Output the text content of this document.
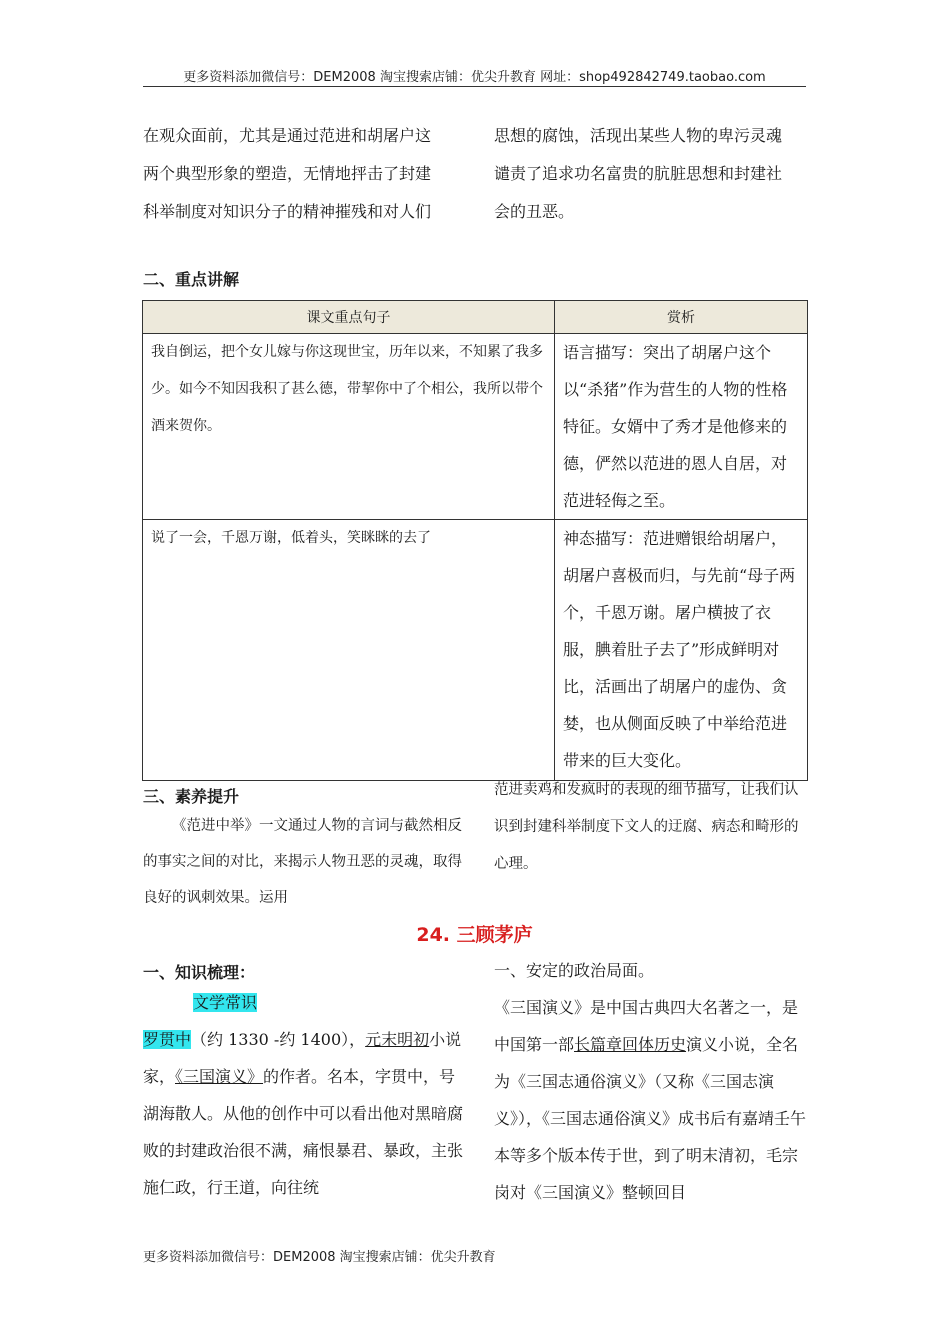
更多资料添加微信号：DEM2008 淘宝搜索店铺：优尖升教育 网址：shop492842749.taobao.com

在观众面前，尤其是通过范进和胡屠户这

两个典型形象的塑造，无情地抨击了封建

科举制度对知识分子的精神摧残和对人们

思想的腐蚀，活现出某些人物的卑污灵魂

谴责了追求功名富贵的肮脏思想和封建社

会的丑恶。

二、重点讲解
课文重点句子	赏析
我自倒运，把个女儿嫁与你这现世宝，历年以来，不知累了我多少。如今不知因我积了甚么德，带挈你中了个相公，我所以带个酒来贺你。	语言描写：突出了胡屠户这个以“杀猪”作为营生的人物的性格特征。女婿中了秀才是他修来的德，俨然以范进的恩人自居，对范进轻侮之至。
说了一会，千恩万谢，低着头，笑眯眯的去了	神态描写：范进赠银给胡屠户，胡屠户喜极而归，与先前“母子两个，千恩万谢。屠户横披了衣服，腆着肚子去了”形成鲜明对比，活画出了胡屠户的虚伪、贪婪，也从侧面反映了中举给范进带来的巨大变化。
三、素养提升

《范进中举》一文通过人物的言词与截然相反的事实之间的对比，来揭示人物丑恶的灵魂，取得良好的讽刺效果。运用

范进卖鸡和发疯时的表现的细节描写，让我们认识到封建科举制度下文人的迂腐、病态和畸形的心理。

24. 三顾茅庐
一、知识梳理：

文学常识

罗贯中（约 1330 -约 1400），元末明初小说家，《三国演义》的作者。名本，字贯中，号湖海散人。从他的创作中可以看出他对黑暗腐败的封建政治很不满，痛恨暴君、暴政，主张施仁政，行王道，向往统

一、安定的政治局面。

《三国演义》是中国古典四大名著之一，是中国第一部长篇章回体历史演义小说，全名为《三国志通俗演义》（又称《三国志演义》），《三国志通俗演义》成书后有嘉靖壬午本等多个版本传于世，到了明末清初，毛宗岗对《三国演义》整顿回目

更多资料添加微信号：DEM2008 淘宝搜索店铺：优尖升教育
